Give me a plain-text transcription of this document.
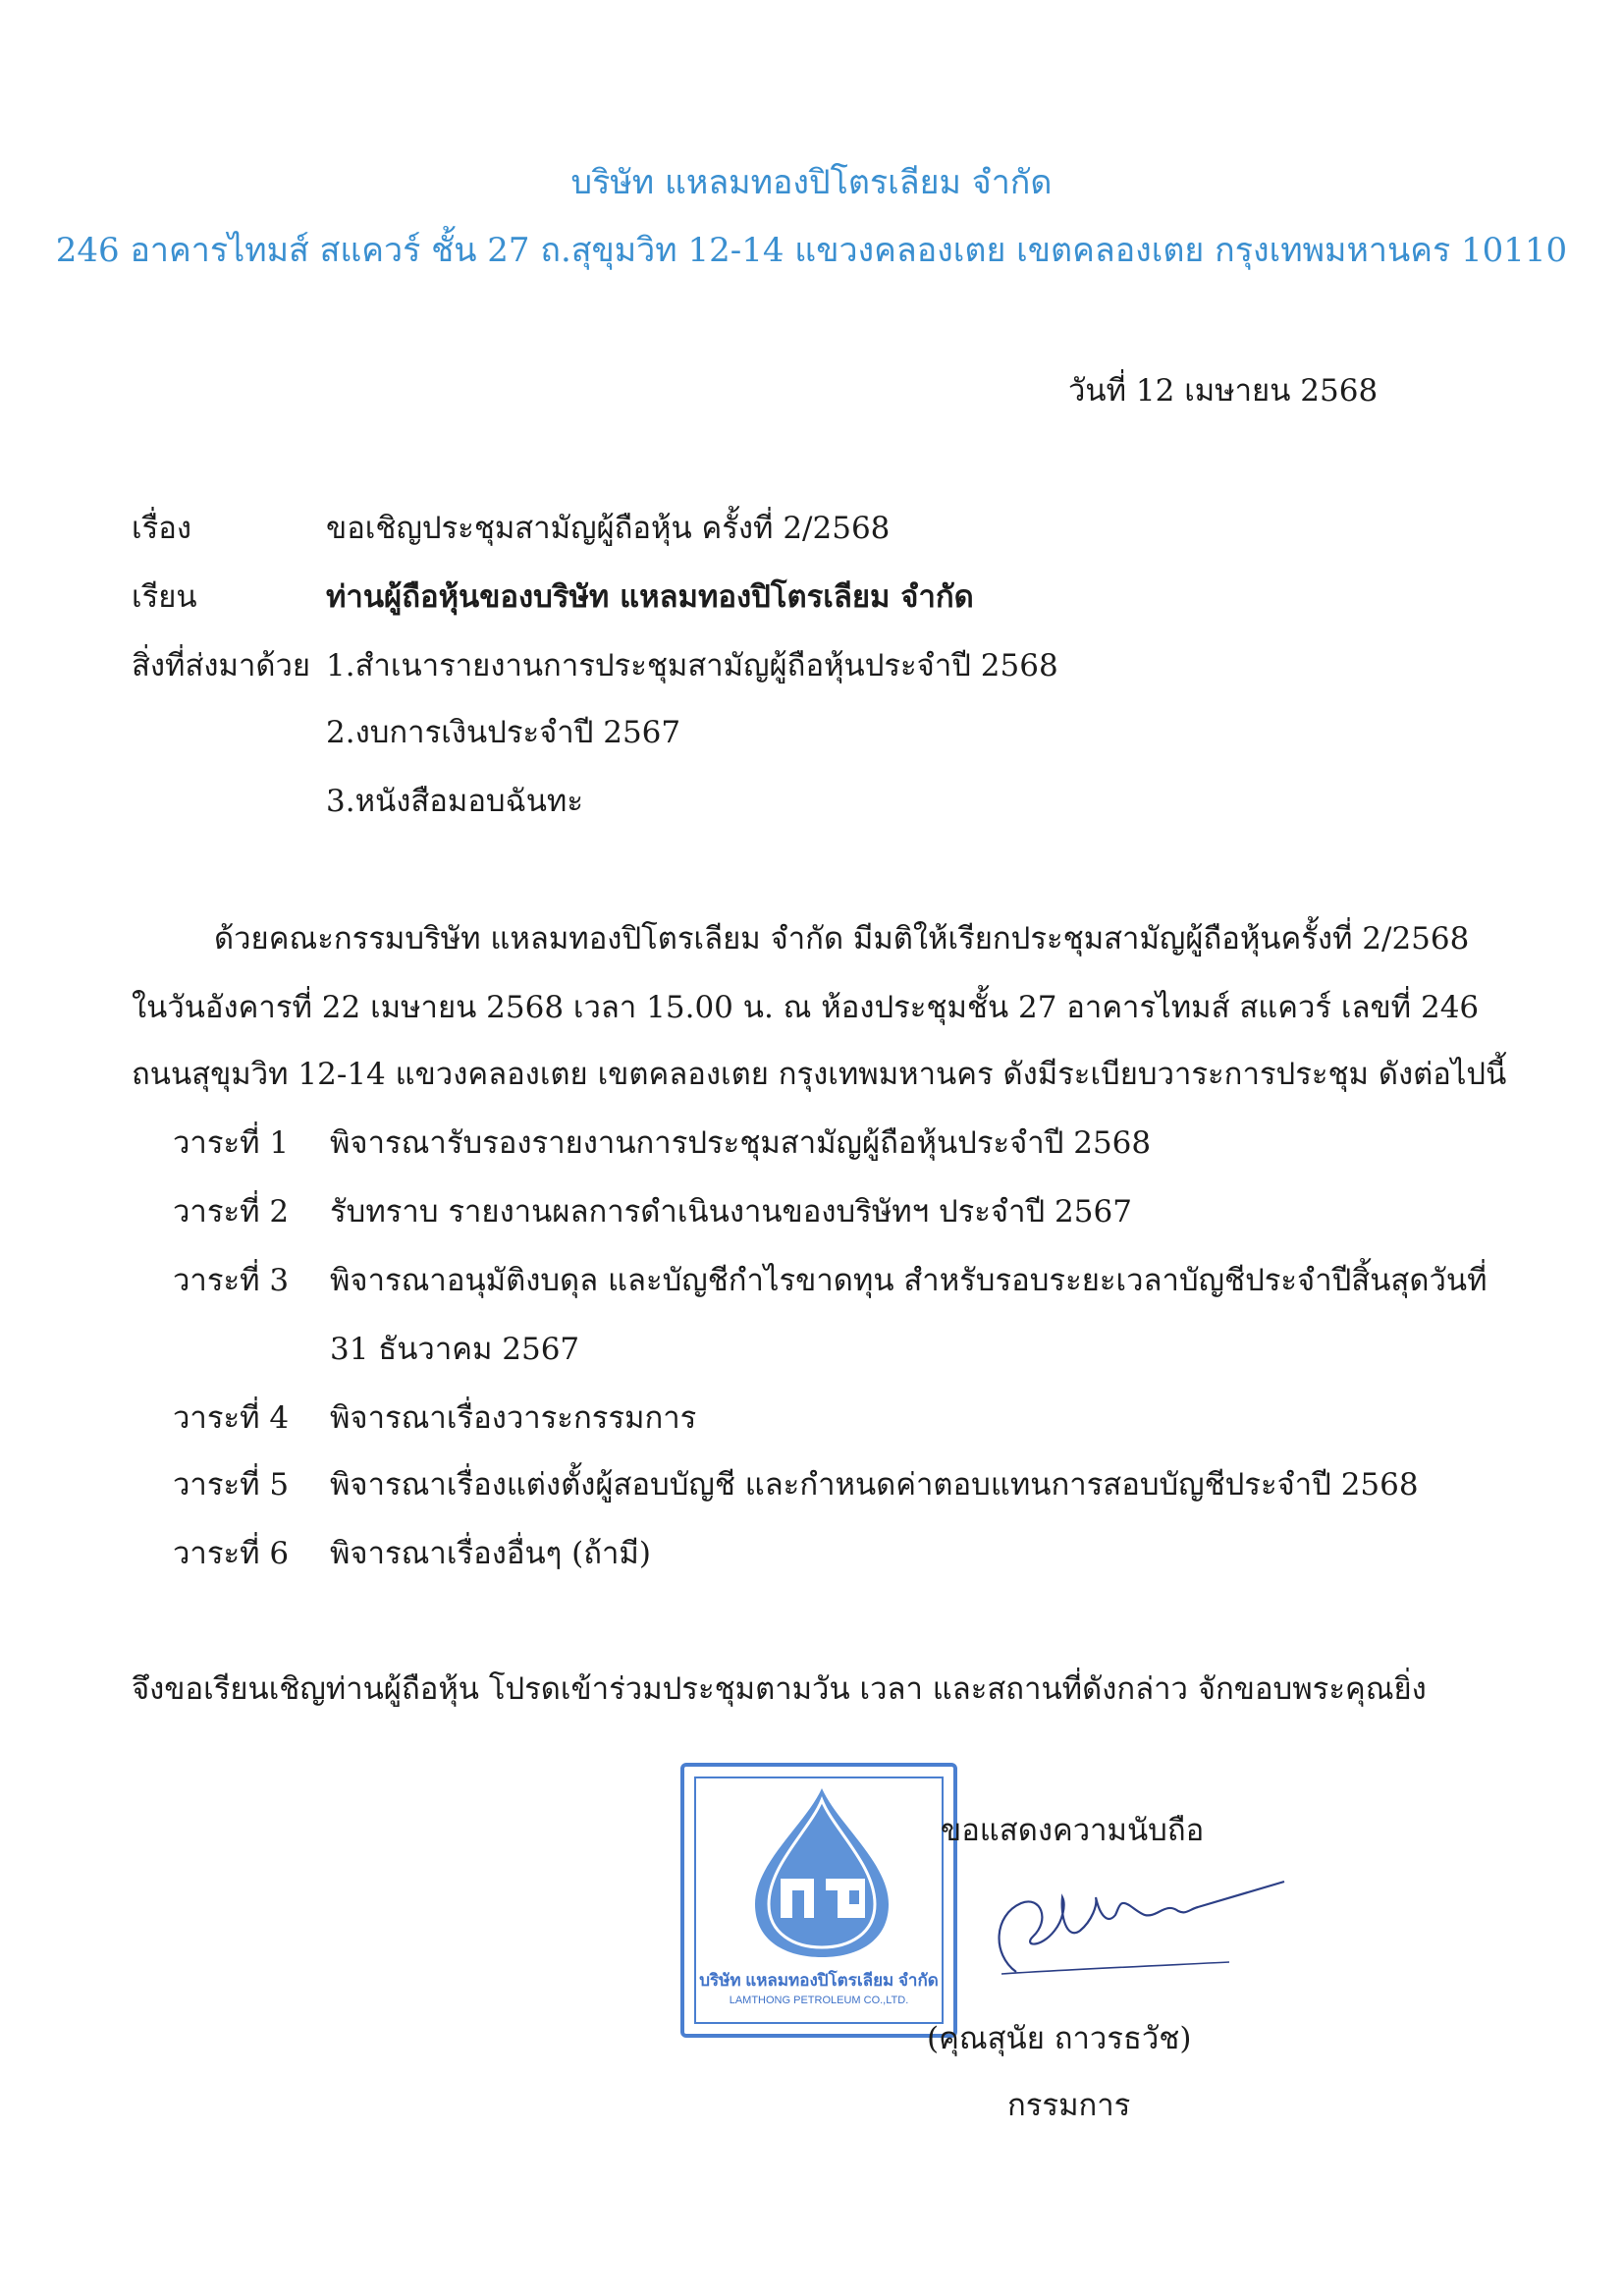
บริษัท แหลมทองปิโตรเลียม จำกัด
246 อาคารไทมส์ สแควร์ ชั้น 27 ถ.สุขุมวิท 12-14 แขวงคลองเตย เขตคลองเตย กรุงเทพมหานคร 10110
วันที่ 12 เมษายน 2568
เรื่อง	ขอเชิญประชุมสามัญผู้ถือหุ้น ครั้งที่ 2/2568
เรียน	ท่านผู้ถือหุ้นของบริษัท แหลมทองปิโตรเลียม จำกัด
สิ่งที่ส่งมาด้วย 1.สำเนารายงานการประชุมสามัญผู้ถือหุ้นประจำปี 2568
2.งบการเงินประจำปี 2567
3.หนังสือมอบฉันทะ
ด้วยคณะกรรมบริษัท แหลมทองปิโตรเลียม จำกัด มีมติให้เรียกประชุมสามัญผู้ถือหุ้นครั้งที่ 2/2568
ในวันอังคารที่ 22 เมษายน 2568 เวลา 15.00 น. ณ ห้องประชุมชั้น 27 อาคารไทมส์ สแควร์ เลขที่ 246
ถนนสุขุมวิท 12-14 แขวงคลองเตย เขตคลองเตย กรุงเทพมหานคร ดังมีระเบียบวาระการประชุม ดังต่อไปนี้
วาระที่ 1 พิจารณารับรองรายงานการประชุมสามัญผู้ถือหุ้นประจำปี 2568
วาระที่ 2 รับทราบ รายงานผลการดำเนินงานของบริษัทฯ ประจำปี 2567
วาระที่ 3 พิจารณาอนุมัติงบดุล และบัญชีกำไรขาดทุน สำหรับรอบระยะเวลาบัญชีประจำปีสิ้นสุดวันที่
31 ธันวาคม 2567
วาระที่ 4 พิจารณาเรื่องวาระกรรมการ
วาระที่ 5 พิจารณาเรื่องแต่งตั้งผู้สอบบัญชี และกำหนดค่าตอบแทนการสอบบัญชีประจำปี 2568
วาระที่ 6 พิจารณาเรื่องอื่นๆ (ถ้ามี)
จึงขอเรียนเชิญท่านผู้ถือหุ้น โปรดเข้าร่วมประชุมตามวัน เวลา และสถานที่ดังกล่าว จักขอบพระคุณยิ่ง
บริษัท แหลมทองปิโตรเลียม จำกัด
LAMTHONG PETROLEUM CO.,LTD.
ขอแสดงความนับถือ
(คุณสุนัย ถาวรธวัช)
กรรมการ
